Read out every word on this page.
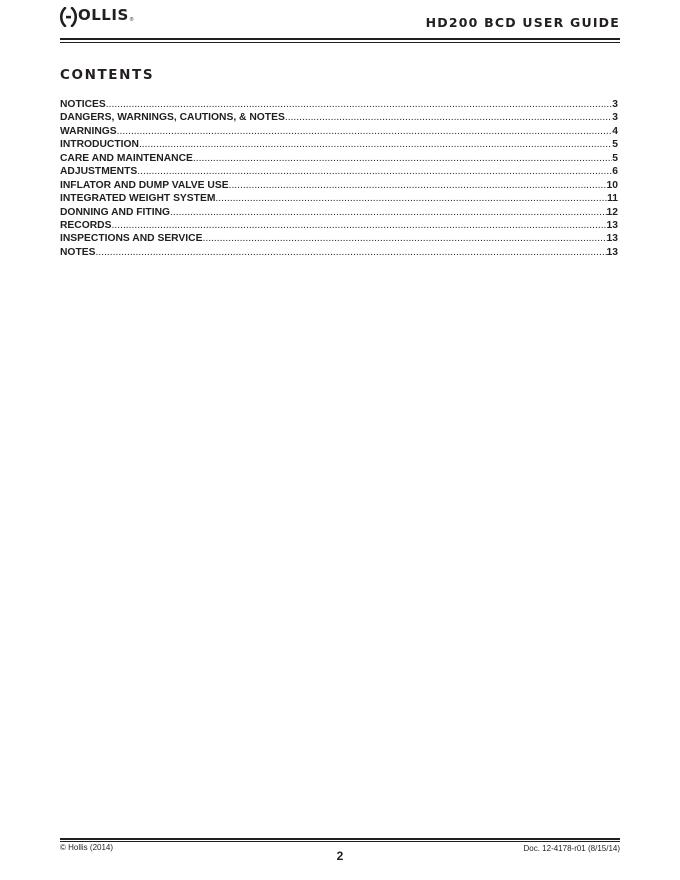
OLLIS ®	HD200 BCD USER GUIDE
CONTENTS
NOTICES .....	3
DANGERS, WARNINGS, CAUTIONS, & NOTES .....	3
WARNINGS .....	4
INTRODUCTION .....	5
CARE AND MAINTENANCE .....	5
ADJUSTMENTS .....	6
INFLATOR AND DUMP VALVE USE .....	10
INTEGRATED WEIGHT SYSTEM .....	11
DONNING AND FITING .....	12
RECORDS .....	13
INSPECTIONS AND SERVICE .....	13
NOTES .....	13
© Hollis (2014)
2
Doc. 12-4178-r01 (8/15/14)
